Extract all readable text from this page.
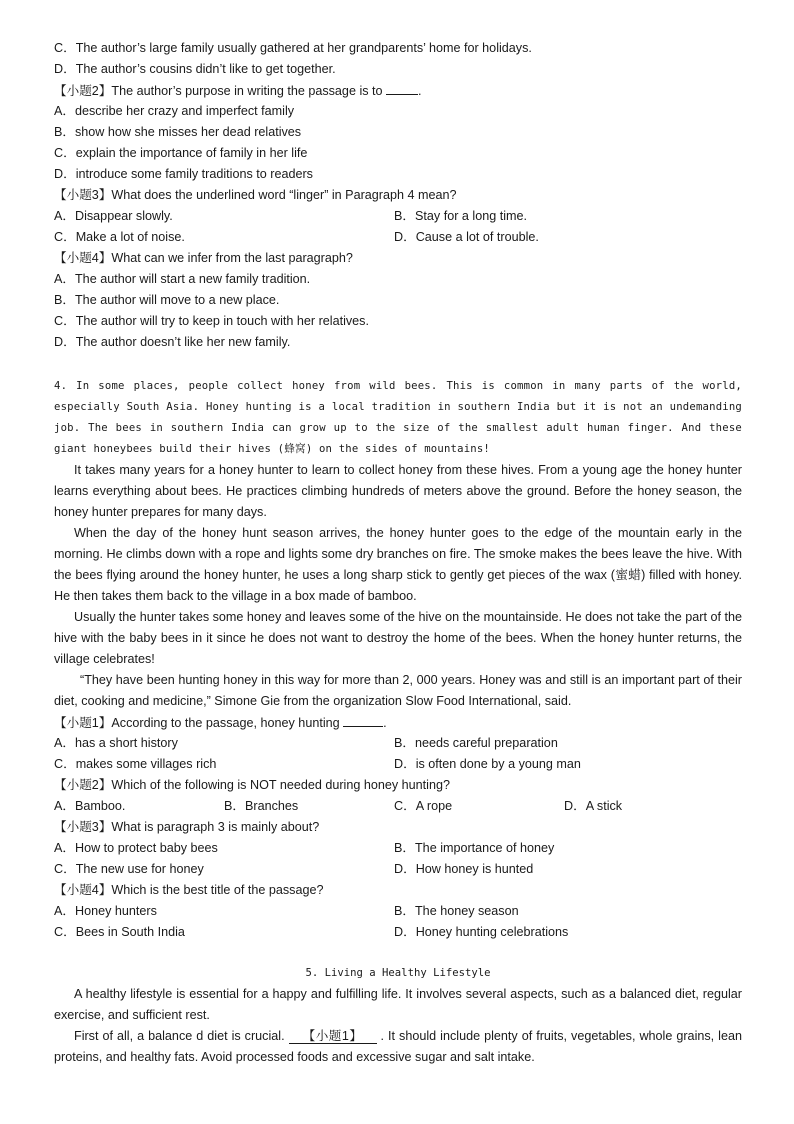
C．The author’s large family usually gathered at her grandparents’ home for holidays.
D．The author’s cousins didn’t like to get together.
【小题2】The author’s purpose in writing the passage is to	.
A．describe her crazy and imperfect family
B．show how she misses her dead relatives
C．explain the importance of family in her life
D．introduce some family traditions to readers
【小题3】What does the underlined word “linger” in Paragraph 4 mean?
A．Disappear slowly.	B．Stay for a long time.
C．Make a lot of noise.	D．Cause a lot of trouble.
【小题4】What can we infer from the last paragraph?
A．The author will start a new family tradition.
B．The author will move to a new place.
C．The author will try to keep in touch with her relatives.
D．The author doesn’t like her new family.
4. In some places, people collect honey from wild bees. This is common in many parts of the world, especially South Asia. Honey hunting is a local tradition in southern India but it is not an undemanding job. The bees in southern India can grow up to the size of the smallest adult human finger. And these giant honeybees build their hives (蜂窝) on the sides of mountains!
It takes many years for a honey hunter to learn to collect honey from these hives. From a young age the honey hunter learns everything about bees. He practices climbing hundreds of meters above the ground. Before the honey season, the honey hunter prepares for many days.
When the day of the honey hunt season arrives, the honey hunter goes to the edge of the mountain early in the morning. He climbs down with a rope and lights some dry branches on fire. The smoke makes the bees leave the hive. With the bees flying around the honey hunter, he uses a long sharp stick to gently get pieces of the wax (蜜蜡) filled with honey. He then takes them back to the village in a box made of bamboo.
Usually the hunter takes some honey and leaves some of the hive on the mountainside. He does not take the part of the hive with the baby bees in it since he does not want to destroy the home of the bees. When the honey hunter returns, the village celebrates!
“They have been hunting honey in this way for more than 2, 000 years. Honey was and still is an important part of their diet, cooking and medicine,” Simone Gie from the organization Slow Food International, said.
【小题1】According to the passage, honey hunting	.
A．has a short history	B．needs careful preparation
C．makes some villages rich	D．is often done by a young man
【小题2】Which of the following is NOT needed during honey hunting?
A．Bamboo.	B．Branches	C．A rope	D．A stick
【小题3】What is paragraph 3 is mainly about?
A．How to protect baby bees	B．The importance of honey
C．The new use for honey	D．How honey is hunted
【小题4】Which is the best title of the passage?
A．Honey hunters	B．The honey season
C．Bees in South India	D．Honey hunting celebrations
5. Living a Healthy Lifestyle
A healthy lifestyle is essential for a happy and fulfilling life. It involves several aspects, such as a balanced diet, regular exercise, and sufficient rest.
First of all, a balance d diet is crucial. 【小题1】 . It should include plenty of fruits, vegetables, whole grains, lean proteins, and healthy fats. Avoid processed foods and excessive sugar and salt intake.
